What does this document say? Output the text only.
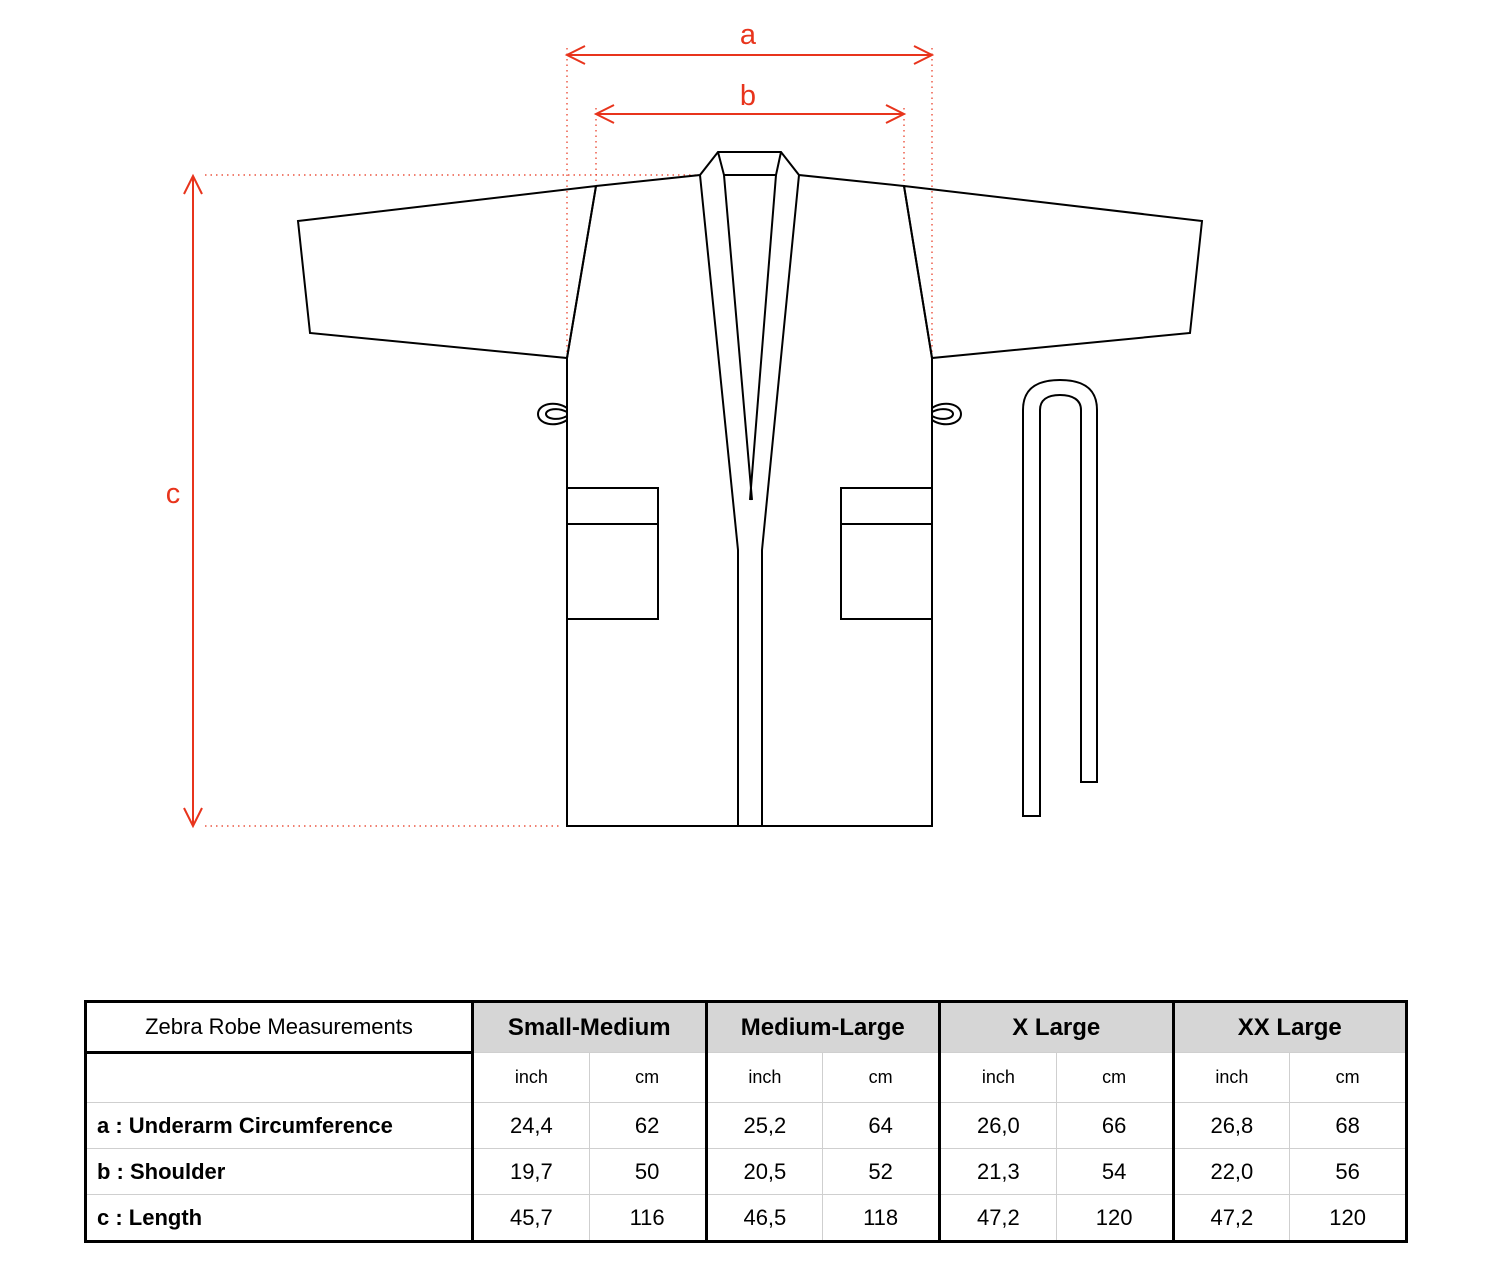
a
b
c
Zebra Robe Measurements	Small-Medium		Medium-Large		X Large		XX Large	
	inch	cm	inch	cm	inch	cm	inch	cm
a : Underarm Circumference	24,4	62	25,2	64	26,0	66	26,8	68
b : Shoulder	19,7	50	20,5	52	21,3	54	22,0	56
c : Length	45,7	116	46,5	118	47,2	120	47,2	120
